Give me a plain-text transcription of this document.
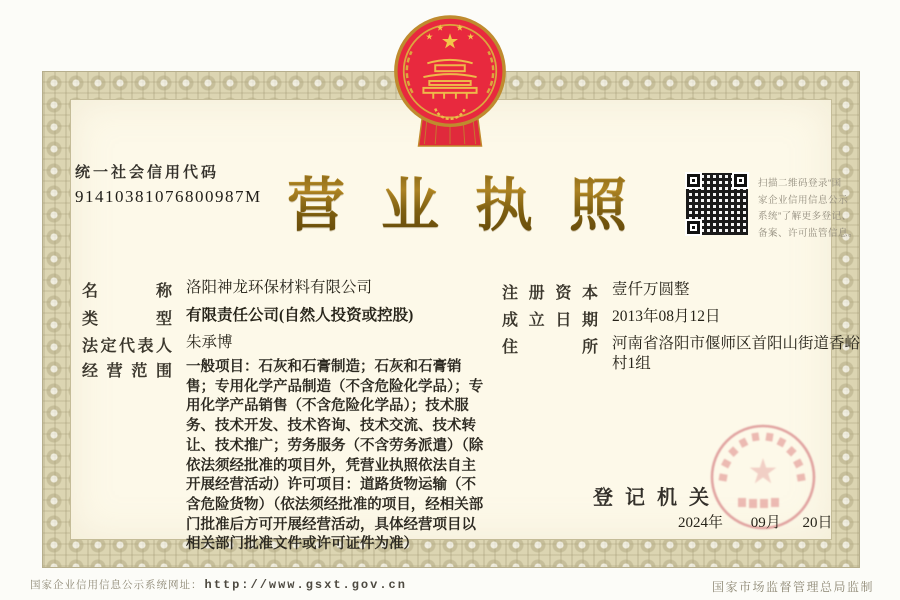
统一社会信用代码
91410381076800987M 营业执照	扫描二维码登录“国
家企业信用信息公示
系统”了解更多登记、
备案、许可监管信息。
名称 洛阳神龙环保材料有限公司
类型 有限责任公司(自然人投资或控股)
法定代表人 朱承博
经营范围 一般项目：石灰和石膏制造；石灰和石膏销售；专用化学产品制造（不含危险化学品）；专用化学产品销售（不含危险化学品）；技术服务、技术开发、技术咨询、技术交流、技术转让、技术推广；劳务服务（不含劳务派遣）（除依法须经批准的项目外，凭营业执照依法自主开展经营活动）许可项目：道路货物运输（不含危险货物）（依法须经批准的项目，经相关部门批准后方可开展经营活动，具体经营项目以相关部门批准文件或许可证件为准）
注册资本 壹仟万圆整
成立日期 2013年08月12日
住所 河南省洛阳市偃师区首阳山街道香峪村1组
登记机关
2024年 09月 20日
国家企业信用信息公示系统网址： http://www.gsxt.gov.cn	国家市场监督管理总局监制
